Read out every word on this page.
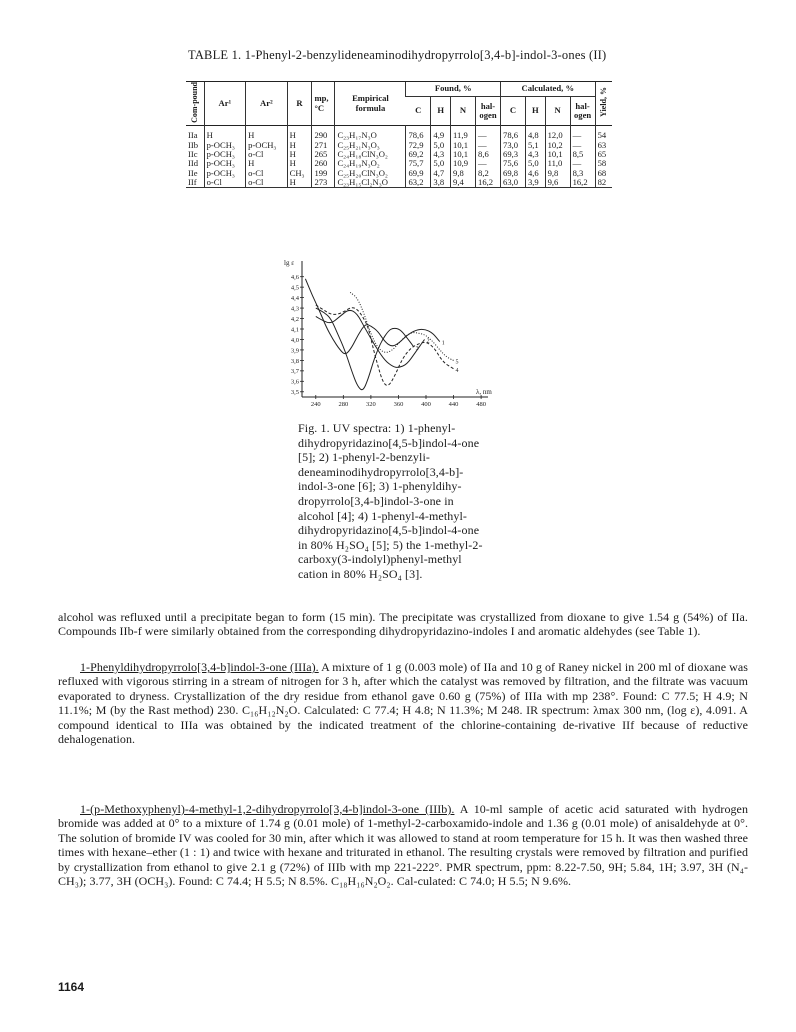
TABLE 1. 1-Phenyl-2-benzylideneaminodihydropyrrolo[3,4-b]-indol-3-ones (II)
Com-pound	Ar¹	Ar²	R	mp, °C	Empirical formula	Found, %				Calculated, %				Yield, %
						C	H	N	hal-ogen	C	H	N	hal-ogen	
IIa	H	H	H	290	C₂₃H₁₇N₃O	78,6	4,9	11,9	—	78,6	4,8	12,0	—	54
IIb	p-OCH₃	p-OCH₃	H	271	C₂₅H₂₁N₃O₃	72,9	5,0	10,1	—	73,0	5,1	10,2	—	63
IIc	p-OCH₃	o-Cl	H	265	C₂₄H₁₈ClN₃O₂	69,2	4,3	10,1	8,6	69,3	4,3	10,1	8,5	65
IId	p-OCH₃	H	H	260	C₂₄H₁₉N₃O₂	75,7	5,0	10,9	—	75,6	5,0	11,0	—	58
IIe	p-OCH₃	o-Cl	CH₃	199	C₂₅H₂₀ClN₃O₂	69,9	4,7	9,8	8,2	69,8	4,6	9,8	8,3	68
IIf	o-Cl	o-Cl	H	273	C₂₃H₁₅Cl₂N₃O	63,2	3,8	9,4	16,2	63,0	3,9	9,6	16,2	82
lg ε
3,5
3,6
3,7
3,8
3,9
4,0
4,1
4,2
4,3
4,4
4,5
4,6
240	280	320	360	400	440	480
λ, nm
1
2
3
4
5
Fig. 1. UV spectra: 1) 1-phenyl-dihydropyridazino[4,5-b]indol-4-one [5]; 2) 1-phenyl-2-benzyli-deneaminodihydropyrrolo[3,4-b]-indol-3-one [6]; 3) 1-phenyldihy-dropyrrolo[3,4-b]indol-3-one in alcohol [4]; 4) 1-phenyl-4-methyl-dihydropyridazino[4,5-b]indol-4-one in 80% H₂SO₄ [5]; 5) the 1-methyl-2-carboxy(3-indolyl)phenyl-methyl cation in 80% H₂SO₄ [3].
alcohol was refluxed until a precipitate began to form (15 min). The precipitate was crystallized from dioxane to give 1.54 g (54%) of IIa. Compounds IIb-f were similarly obtained from the corresponding dihydropyridazino-indoles I and aromatic aldehydes (see Table 1).
1-Phenyldihydropyrrolo[3,4-b]indol-3-one (IIIa). A mixture of 1 g (0.003 mole) of IIa and 10 g of Raney nickel in 200 ml of dioxane was refluxed with vigorous stirring in a stream of nitrogen for 3 h, after which the catalyst was removed by filtration, and the filtrate was vacuum evaporated to dryness. Crystallization of the dry residue from ethanol gave 0.60 g (75%) of IIIa with mp 238°. Found: C 77.5; H 4.9; N 11.1%; M (by the Rast method) 230. C₁₆H₁₂N₂O. Calculated: C 77.4; H 4.8; N 11.3%; M 248. IR spectrum: λmax 300 nm, (log ε), 4.091. A compound identical to IIIa was obtained by the indicated treatment of the chlorine-containing de-rivative IIf because of reductive dehalogenation.
1-(p-Methoxyphenyl)-4-methyl-1,2-dihydropyrrolo[3,4-b]indol-3-one (IIIb). A 10-ml sample of acetic acid saturated with hydrogen bromide was added at 0° to a mixture of 1.74 g (0.01 mole) of 1-methyl-2-carboxamido-indole and 1.36 g (0.01 mole) of anisaldehyde at 0°. The solution of bromide IV was cooled for 30 min, after which it was allowed to stand at room temperature for 15 h. It was then washed three times with hexane–ether (1 : 1) and twice with hexane and triturated in ethanol. The resulting crystals were removed by filtration and purified by crystallization from ethanol to give 2.1 g (72%) of IIIb with mp 221-222°. PMR spectrum, ppm: 8.22-7.50, 9H; 5.84, 1H; 3.97, 3H (N₄-CH₃); 3.77, 3H (OCH₃). Found: C 74.4; H 5.5; N 8.5%. C₁₈H₁₆N₂O₂. Cal-culated: C 74.0; H 5.5; N 9.6%.
1164
